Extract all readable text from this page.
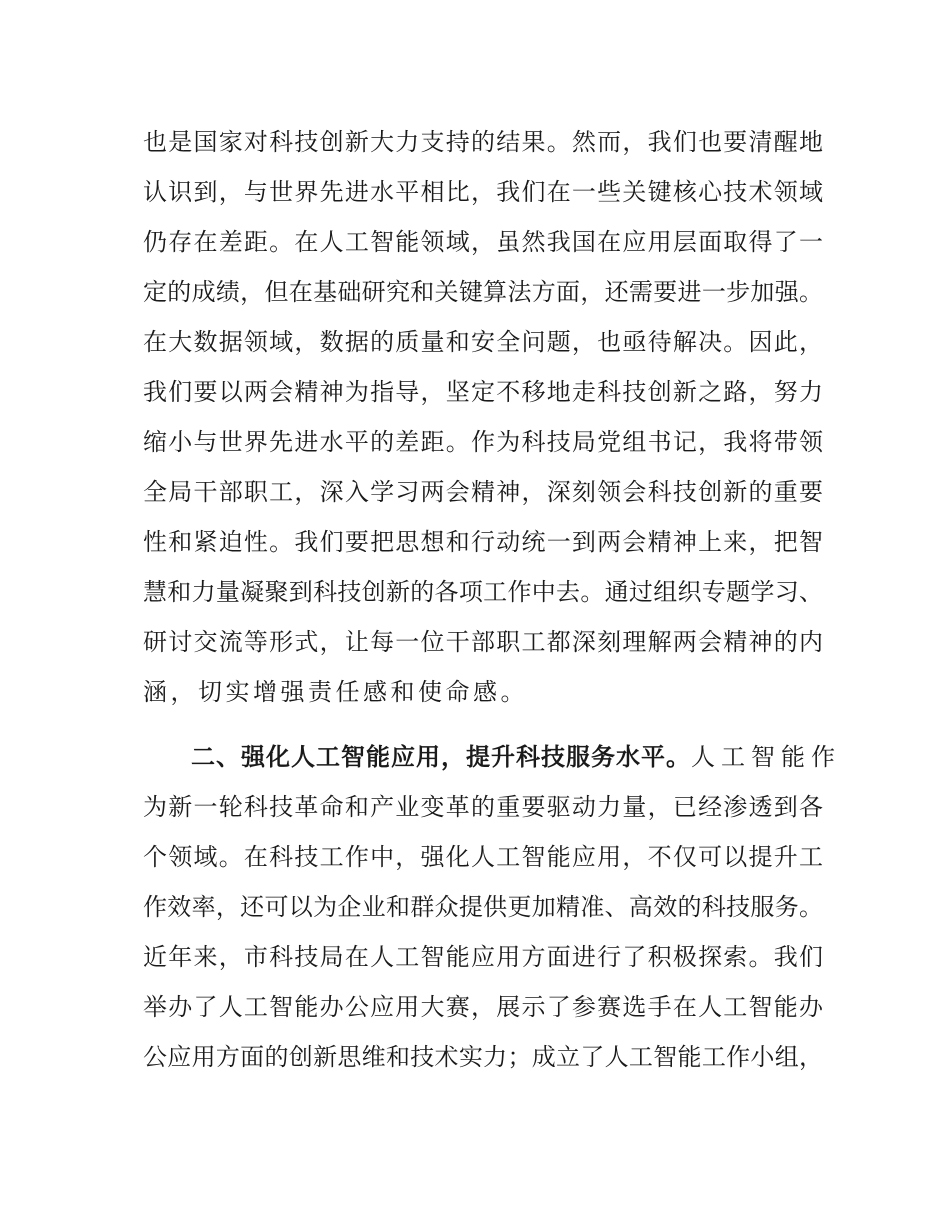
也是国家对科技创新大力支持的结果。然而，我们也要清醒地
认识到，与世界先进水平相比，我们在一些关键核心技术领域
仍存在差距。在人工智能领域，虽然我国在应用层面取得了一
定的成绩，但在基础研究和关键算法方面，还需要进一步加强。
在大数据领域，数据的质量和安全问题，也亟待解决。因此，
我们要以两会精神为指导，坚定不移地走科技创新之路，努力
缩小与世界先进水平的差距。作为科技局党组书记，我将带领
全局干部职工，深入学习两会精神，深刻领会科技创新的重要
性和紧迫性。我们要把思想和行动统一到两会精神上来，把智
慧和力量凝聚到科技创新的各项工作中去。通过组织专题学习、
研讨交流等形式，让每一位干部职工都深刻理解两会精神的内
涵，切实增强责任感和使命感。
二、强化人工智能应用，提升科技服务水平。 人工智能作
为新一轮科技革命和产业变革的重要驱动力量，已经渗透到各
个领域。在科技工作中，强化人工智能应用，不仅可以提升工
作效率，还可以为企业和群众提供更加精准、高效的科技服务。
近年来，市科技局在人工智能应用方面进行了积极探索。我们
举办了人工智能办公应用大赛，展示了参赛选手在人工智能办
公应用方面的创新思维和技术实力；成立了人工智能工作小组，
